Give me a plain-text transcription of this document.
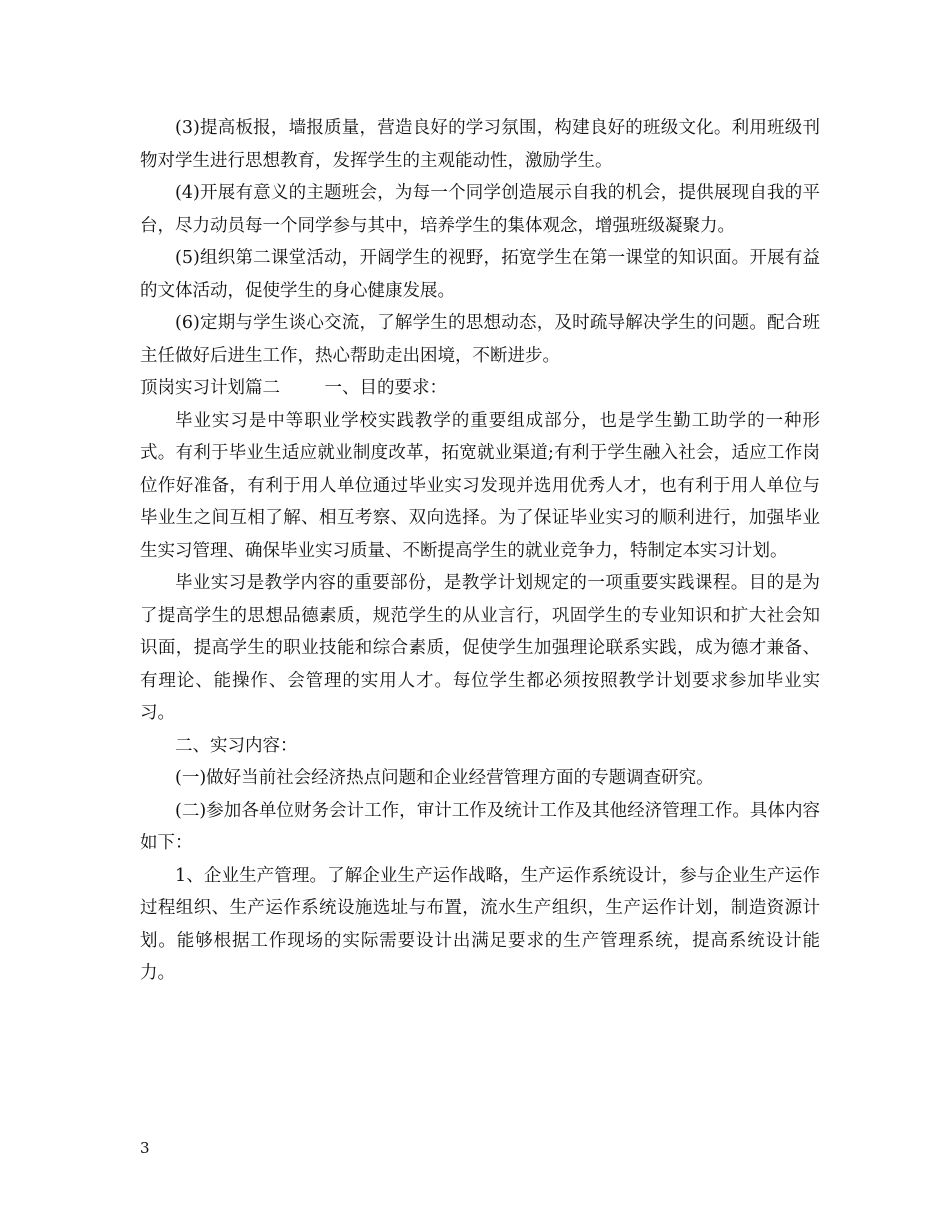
(3)提高板报，墙报质量，营造良好的学习氛围，构建良好的班级文化。利用班级刊物对学生进行思想教育，发挥学生的主观能动性，激励学生。

(4)开展有意义的主题班会，为每一个同学创造展示自我的机会，提供展现自我的平台，尽力动员每一个同学参与其中，培养学生的集体观念，增强班级凝聚力。

(5)组织第二课堂活动，开阔学生的视野，拓宽学生在第一课堂的知识面。开展有益的文体活动，促使学生的身心健康发展。

(6)定期与学生谈心交流，了解学生的思想动态，及时疏导解决学生的问题。配合班主任做好后进生工作，热心帮助走出困境，不断进步。

顶岗实习计划篇二	一、目的要求：

毕业实习是中等职业学校实践教学的重要组成部分，也是学生勤工助学的一种形式。有利于毕业生适应就业制度改革，拓宽就业渠道;有利于学生融入社会，适应工作岗位作好准备，有利于用人单位通过毕业实习发现并选用优秀人才，也有利于用人单位与毕业生之间互相了解、相互考察、双向选择。为了保证毕业实习的顺利进行，加强毕业生实习管理、确保毕业实习质量、不断提高学生的就业竞争力，特制定本实习计划。

毕业实习是教学内容的重要部份，是教学计划规定的一项重要实践课程。目的是为了提高学生的思想品德素质，规范学生的从业言行，巩固学生的专业知识和扩大社会知识面，提高学生的职业技能和综合素质，促使学生加强理论联系实践，成为德才兼备、有理论、能操作、会管理的实用人才。每位学生都必须按照教学计划要求参加毕业实习。

二、实习内容：

(一)做好当前社会经济热点问题和企业经营管理方面的专题调查研究。

(二)参加各单位财务会计工作，审计工作及统计工作及其他经济管理工作。具体内容如下：

1、企业生产管理。了解企业生产运作战略，生产运作系统设计，参与企业生产运作过程组织、生产运作系统设施选址与布置，流水生产组织，生产运作计划，制造资源计划。能够根据工作现场的实际需要设计出满足要求的生产管理系统，提高系统设计能力。

3
